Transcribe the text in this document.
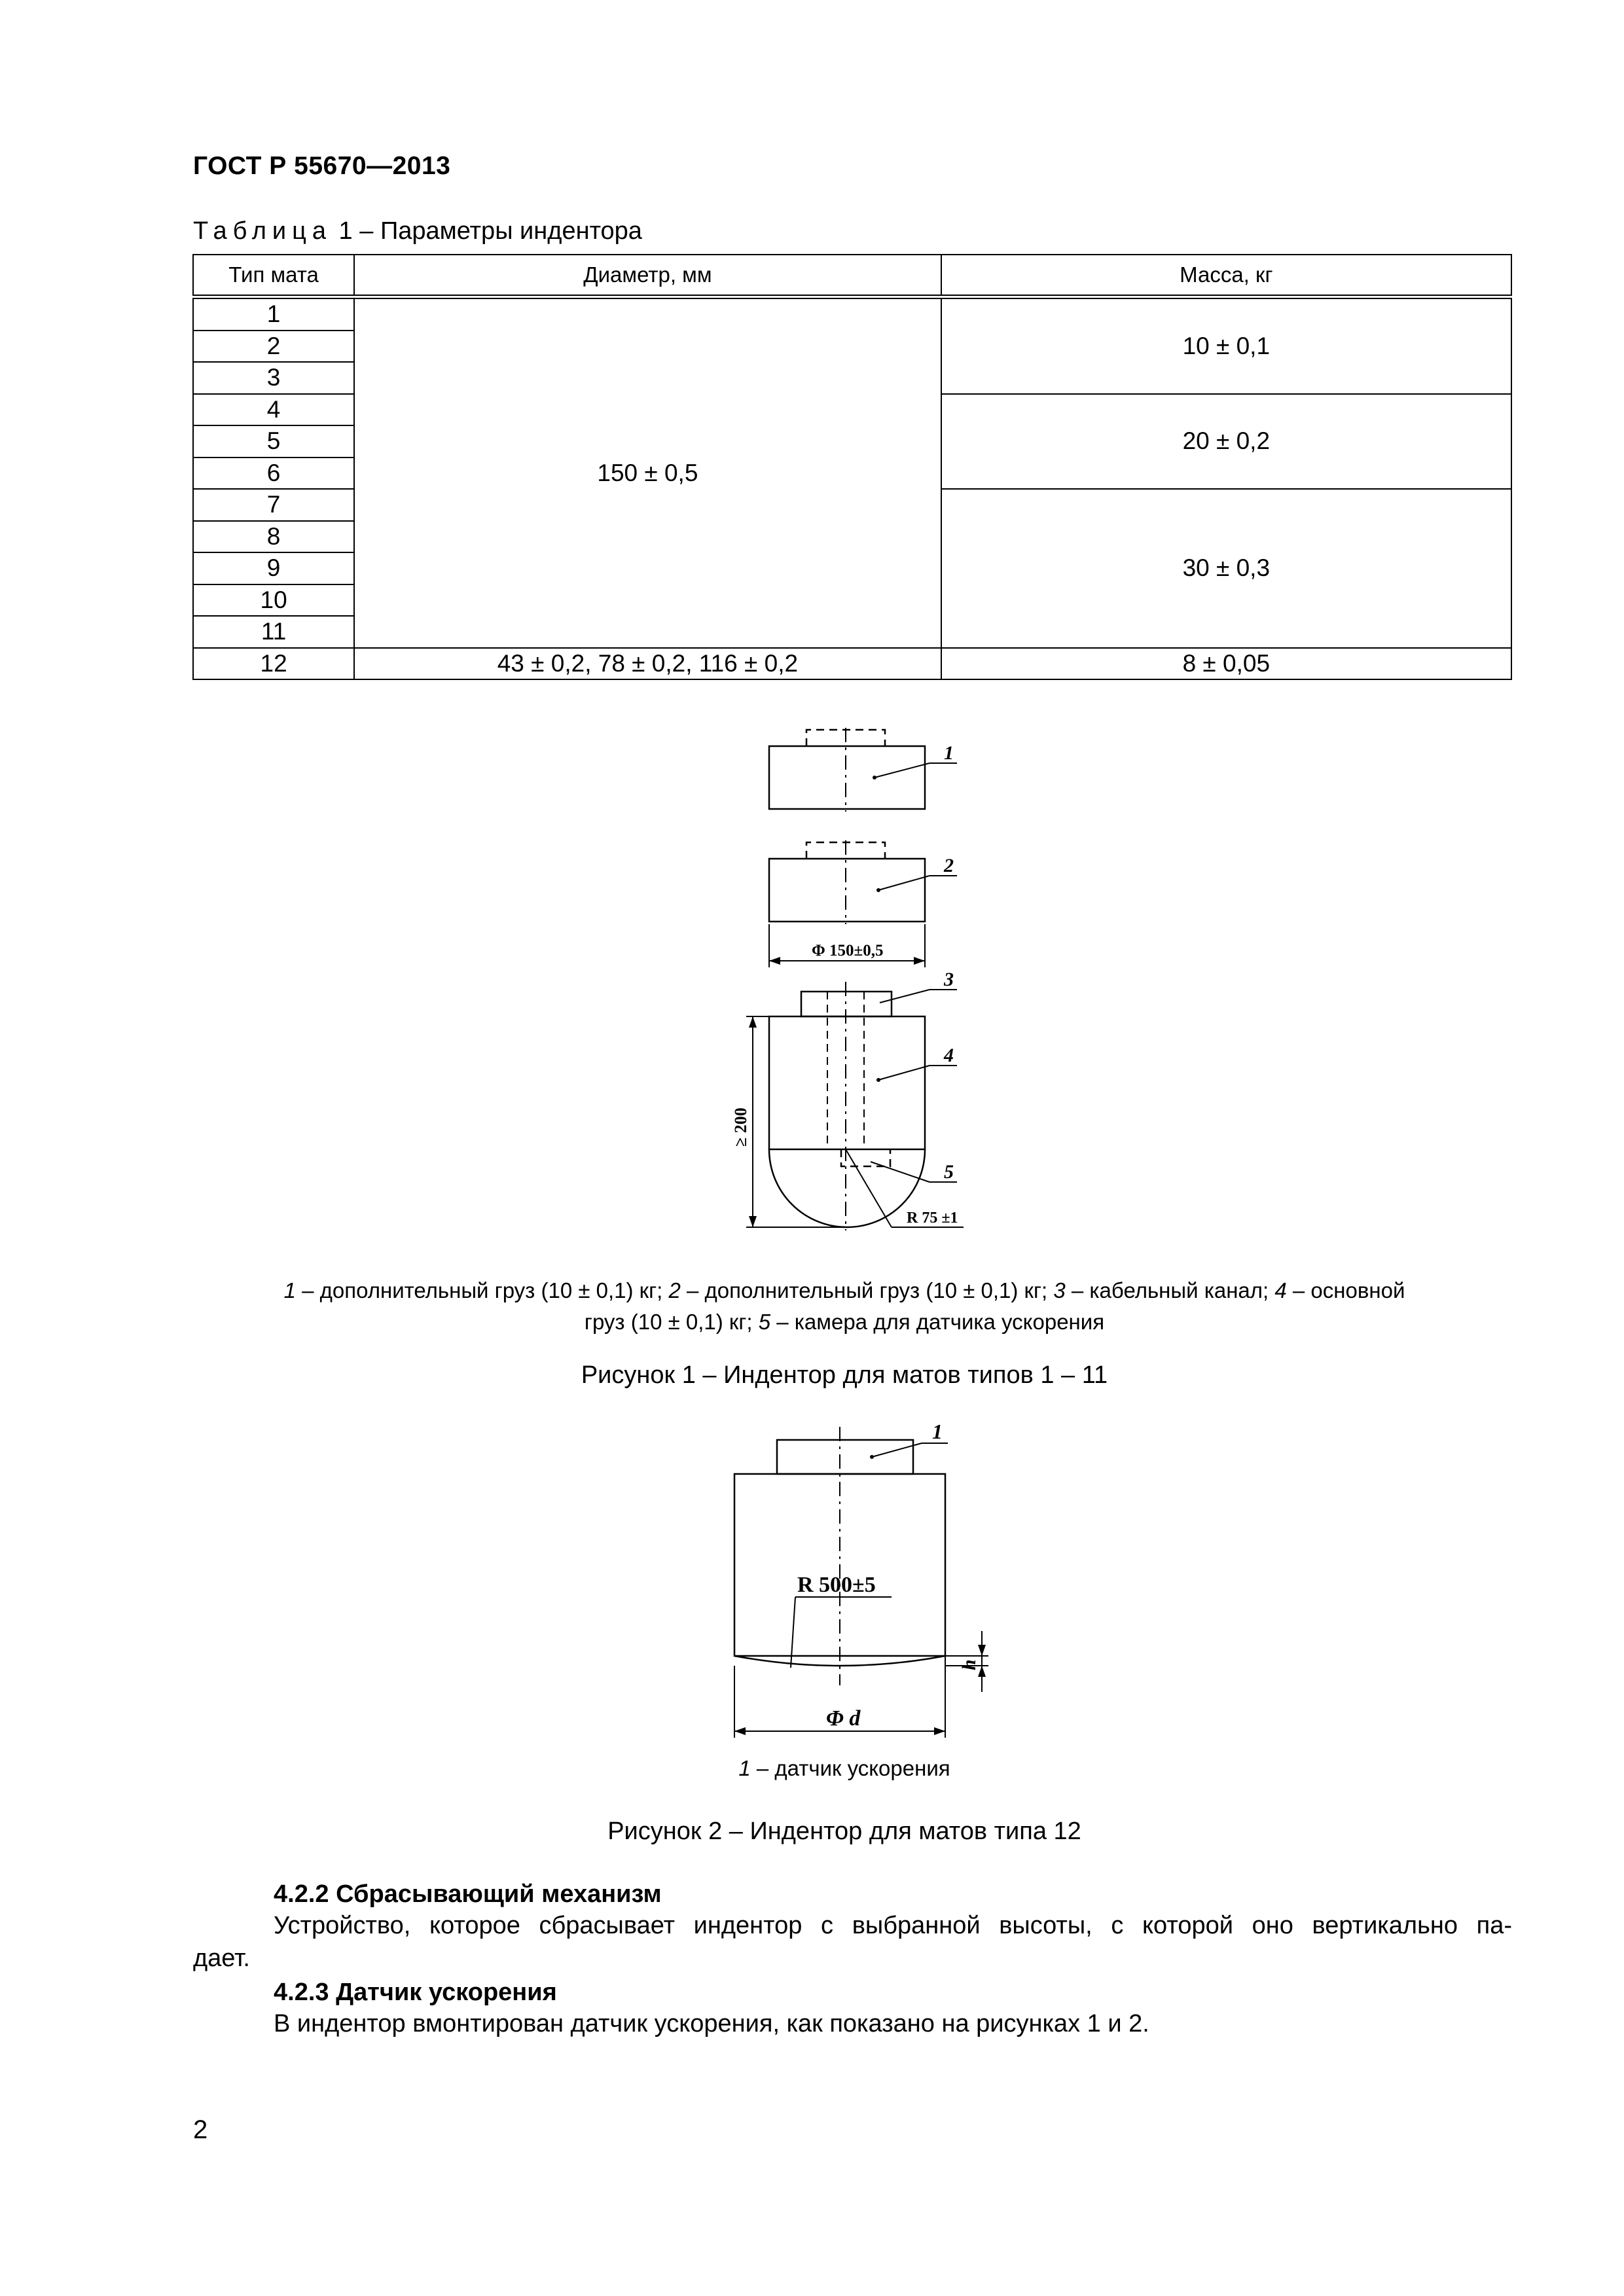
ГОСТ Р 55670—2013
Таблица 1 – Параметры индентора
Тип мата	Диаметр, мм	Масса, кг
1	150 ± 0,5	10 ± 0,1
2		
3		
4		20 ± 0,2
5		
6		
7		30 ± 0,3
8		
9		
10		
11		
12	43 ± 0,2, 78 ± 0,2, 116 ± 0,2	8 ± 0,05
1
2
3
4
5
Φ 150±0,5
R 75 ±1
≥ 200
1 – дополнительный груз (10 ± 0,1) кг; 2 – дополнительный груз (10 ± 0,1) кг; 3 – кабельный канал; 4 – основной
груз (10 ± 0,1) кг; 5 – камера для датчика ускорения
Рисунок 1 – Индентор для матов типов 1 – 11
1
R 500±5
Φ d
h
1 – датчик ускорения
Рисунок 2 – Индентор для матов типа 12
4.2.2 Сбрасывающий механизм
Устройство, которое сбрасывает индентор с выбранной высоты, с которой оно вертикально па-
дает.
4.2.3 Датчик ускорения
В индентор вмонтирован датчик ускорения, как показано на рисунках 1 и 2.
2
